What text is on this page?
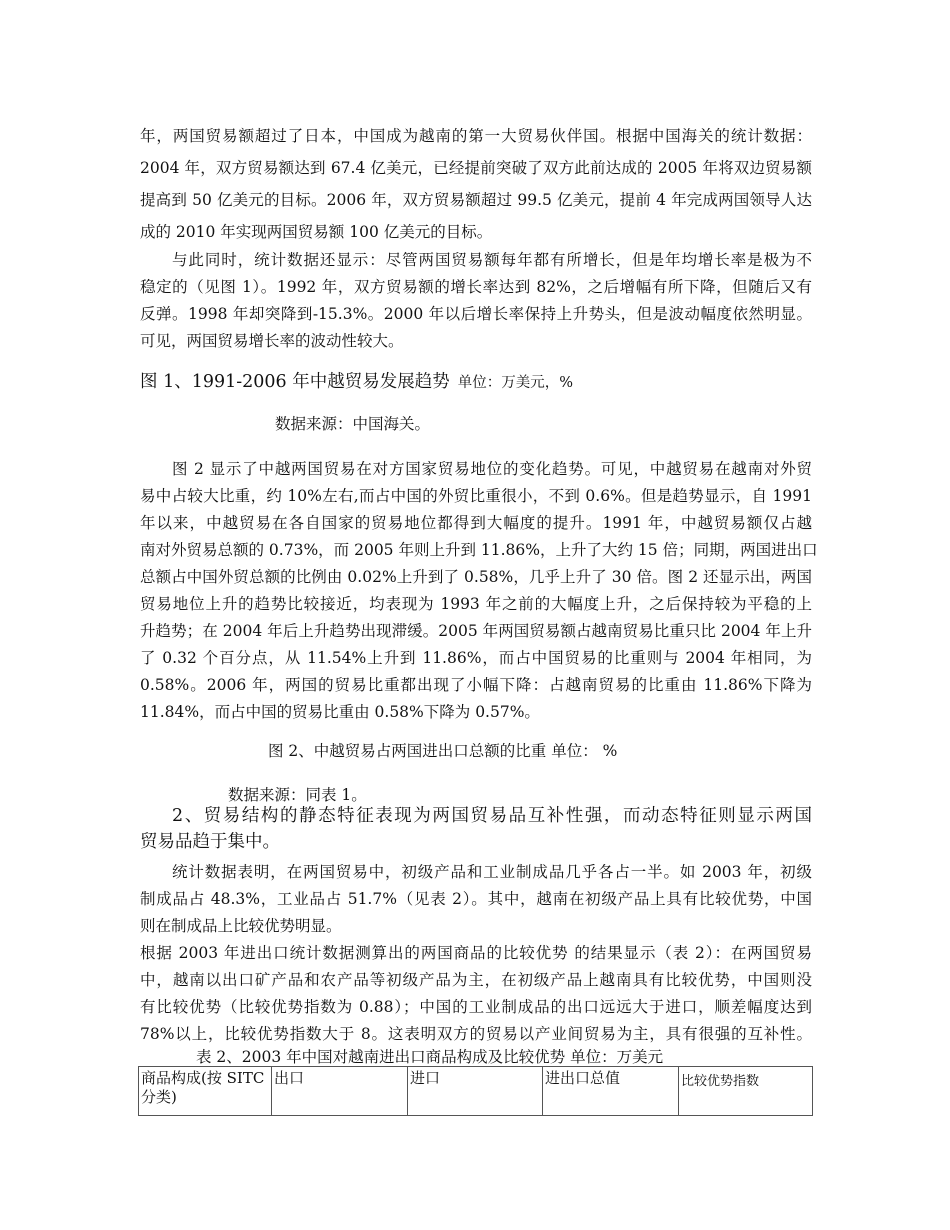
年，两国贸易额超过了日本，中国成为越南的第一大贸易伙伴国。根据中国海关的统计数据：
2004 年，双方贸易额达到 67.4 亿美元，已经提前突破了双方此前达成的 2005 年将双边贸易额
提高到 50 亿美元的目标。2006 年，双方贸易额超过 99.5 亿美元，提前 4 年完成两国领导人达
成的 2010 年实现两国贸易额 100 亿美元的目标。
与此同时，统计数据还显示：尽管两国贸易额每年都有所增长，但是年均增长率是极为不
稳定的（见图 1）。1992 年，双方贸易额的增长率达到 82%，之后增幅有所下降，但随后又有
反弹。1998 年却突降到-15.3%。2000 年以后增长率保持上升势头，但是波动幅度依然明显。
可见，两国贸易增长率的波动性较大。
图 1、1991-2006 年中越贸易发展趋势 单位：万美元，%
数据来源：中国海关。
图 2 显示了中越两国贸易在对方国家贸易地位的变化趋势。可见，中越贸易在越南对外贸
易中占较大比重，约 10%左右,而占中国的外贸比重很小，不到 0.6%。但是趋势显示，自 1991
年以来，中越贸易在各自国家的贸易地位都得到大幅度的提升。1991 年，中越贸易额仅占越
南对外贸易总额的 0.73%，而 2005 年则上升到 11.86%，上升了大约 15 倍；同期，两国进出口
总额占中国外贸总额的比例由 0.02%上升到了 0.58%，几乎上升了 30 倍。图 2 还显示出，两国
贸易地位上升的趋势比较接近，均表现为 1993 年之前的大幅度上升，之后保持较为平稳的上
升趋势；在 2004 年后上升趋势出现滞缓。2005 年两国贸易额占越南贸易比重只比 2004 年上升
了 0.32 个百分点，从 11.54%上升到 11.86%，而占中国贸易的比重则与 2004 年相同，为
0.58%。2006 年，两国的贸易比重都出现了小幅下降：占越南贸易的比重由 11.86%下降为
11.84%，而占中国的贸易比重由 0.58%下降为 0.57%。
图 2、中越贸易占两国进出口总额的比重 单位： %
数据来源：同表 1。
2、贸易结构的静态特征表现为两国贸易品互补性强，而动态特征则显示两国
贸易品趋于集中。
统计数据表明，在两国贸易中，初级产品和工业制成品几乎各占一半。如 2003 年，初级
制成品占 48.3%，工业品占 51.7%（见表 2）。其中，越南在初级产品上具有比较优势，中国
则在制成品上比较优势明显。
根据 2003 年进出口统计数据测算出的两国商品的比较优势 的结果显示（表 2）：在两国贸易
中，越南以出口矿产品和农产品等初级产品为主，在初级产品上越南具有比较优势，中国则没
有比较优势（比较优势指数为 0.88）；中国的工业制成品的出口远远大于进口，顺差幅度达到
78%以上，比较优势指数大于 8。这表明双方的贸易以产业间贸易为主，具有很强的互补性。
表 2、2003 年中国对越南进出口商品构成及比较优势 单位：万美元
商品构成(按 SITC 分类)	出口	进口	进出口总值	比较优势指数
